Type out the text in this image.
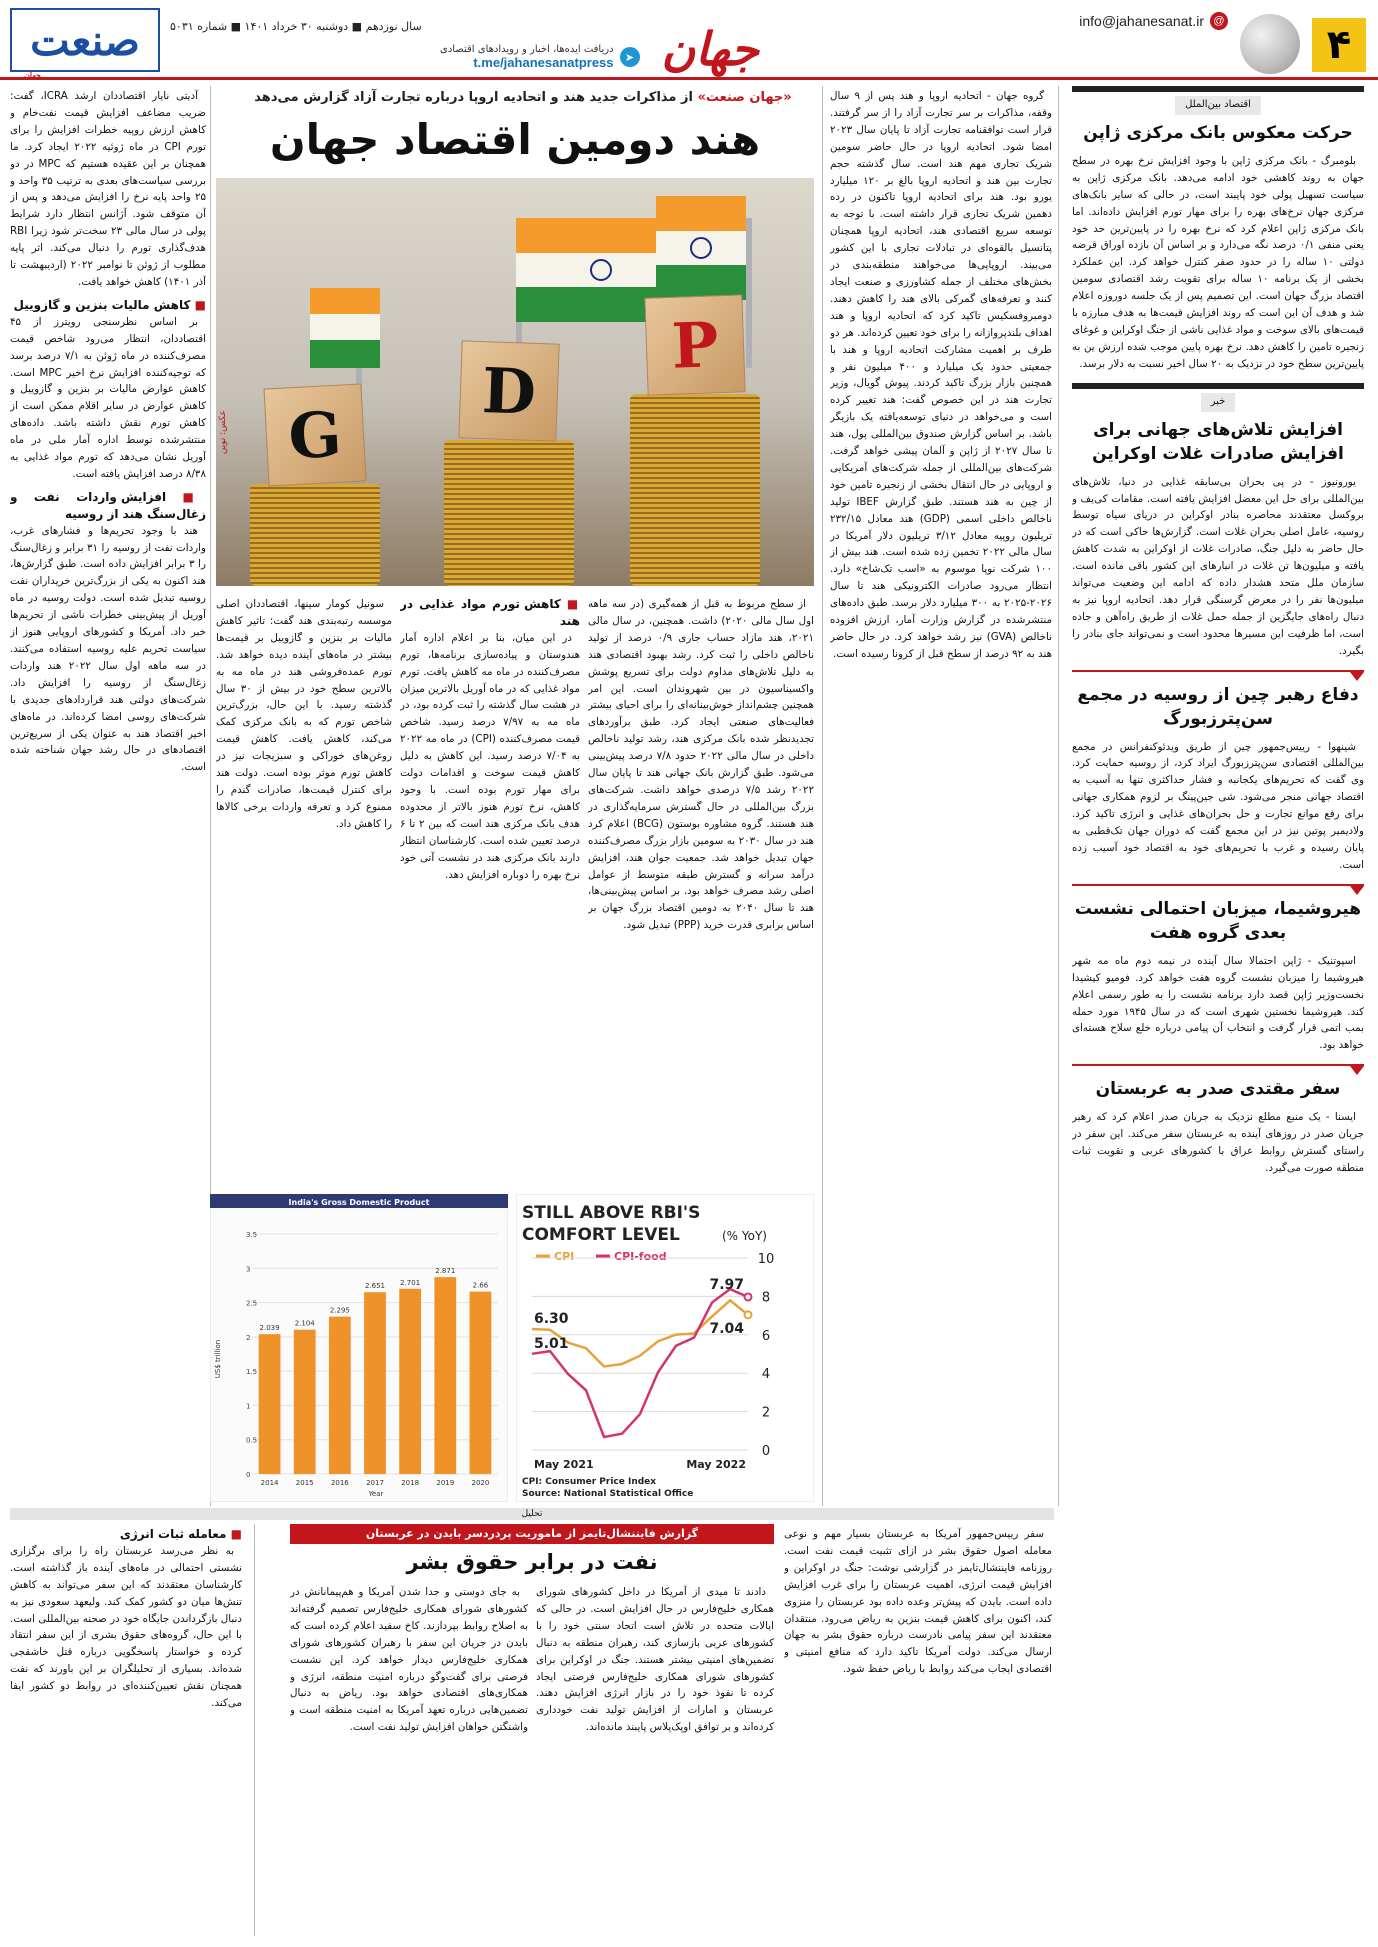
۴
info@jahanesanat.ir @
جهان
➤
دریافت ایده‌ها، اخبار و رویدادهای اقتصادی
t.me/jahanesanatpress
سال نوزدهم ■ دوشنبه ۳۰ خرداد ۱۴۰۱ ■ شماره ۵۰۳۱
صنعت
جهان
اقتصاد بین‌الملل
حرکت معکوس بانک مرکزی ژاپن

بلومبرگ - بانک مرکزی ژاپن با وجود افزایش نرخ بهره در سطح جهان به روند کاهشی خود ادامه می‌دهد. بانک مرکزی ژاپن به سیاست تسهیل پولی خود پایبند است، در حالی که سایر بانک‌های مرکزی جهان نرخ‌های بهره را برای مهار تورم افزایش داده‌اند. اما بانک مرکزی ژاپن اعلام کرد که نرخ بهره را در پایین‌ترین حد خود یعنی منفی ۰/۱ درصد نگه می‌دارد و بر اساس آن بازده اوراق قرضه دولتی ۱۰ ساله را در حدود صفر کنترل خواهد کرد. این عملکرد بخشی از یک برنامه ۱۰ ساله برای تقویت رشد اقتصادی سومین اقتصاد بزرگ جهان است. این تصمیم پس از یک جلسه دوروزه اعلام شد و هدف آن این است که روند افزایش قیمت‌ها به هدف مبارزه با قیمت‌های بالای سوخت و مواد غذایی ناشی از جنگ اوکراین و غوغای زنجیره تامین را کاهش دهد. نرخ بهره پایین موجب شده ارزش ین به پایین‌ترین سطح خود در نزدیک به ۲۰ سال اخیر نسبت به دلار برسد.

خبر
افزایش تلاش‌های جهانی برای افزایش صادرات غلات اوکراین

یورونیوز - در پی بحران بی‌سابقه غذایی در دنیا، تلاش‌های بین‌المللی برای حل این معضل افزایش یافته است. مقامات کی‌یف و بروکسل معتقدند محاصره بنادر اوکراین در دریای سیاه توسط روسیه، عامل اصلی بحران غلات است. گزارش‌ها حاکی است که در حال حاضر به دلیل جنگ، صادرات غلات از اوکراین به شدت کاهش یافته و میلیون‌ها تن غلات در انبارهای این کشور باقی مانده است. سازمان ملل متحد هشدار داده که ادامه این وضعیت می‌تواند میلیون‌ها نفر را در معرض گرسنگی قرار دهد. اتحادیه اروپا نیز به دنبال راه‌های جایگزین از جمله حمل غلات از طریق راه‌آهن و جاده است، اما ظرفیت این مسیرها محدود است و نمی‌تواند جای بنادر را بگیرد.

دفاع رهبر چین از روسیه در مجمع سن‌پترزبورگ

شینهوا - رییس‌جمهور چین از طریق ویدئوکنفرانس در مجمع بین‌المللی اقتصادی سن‌پترزبورگ ایراد کرد، از روسیه حمایت کرد. وی گفت که تحریم‌های یکجانبه و فشار حداکثری تنها به آسیب به اقتصاد جهانی منجر می‌شود. شی جین‌پینگ بر لزوم همکاری جهانی برای رفع موانع تجارت و حل بحران‌های غذایی و انرژی تاکید کرد. ولادیمیر پوتین نیز در این مجمع گفت که دوران جهان تک‌قطبی به پایان رسیده و غرب با تحریم‌های خود به اقتصاد خود آسیب زده است.

هیروشیما، میزبان احتمالی نشست بعدی گروه هفت

اسپوتنیک - ژاپن احتمالا سال آینده در نیمه دوم ماه مه شهر هیروشیما را میزبان نشست گروه هفت خواهد کرد. فومیو کیشیدا نخست‌وزیر ژاپن قصد دارد برنامه نشست را به طور رسمی اعلام کند. هیروشیما نخستین شهری است که در سال ۱۹۴۵ مورد حمله بمب اتمی قرار گرفت و انتخاب آن پیامی درباره خلع سلاح هسته‌ای خواهد بود.

سفر مقتدی صدر به عربستان

ایسنا - یک منبع مطلع نزدیک به جریان صدر اعلام کرد که رهبر جریان صدر در روزهای آینده به عربستان سفر می‌کند. این سفر در راستای گسترش روابط عراق با کشورهای عربی و تقویت ثبات منطقه صورت می‌گیرد.

«جهان صنعت» از مذاکرات جدید هند و اتحادیه اروپا درباره تجارت آزاد گزارش می‌دهد
هند دومین اقتصاد جهان

گروه جهان - اتحادیه اروپا و هند پس از ۹ سال وقفه، مذاکرات بر سر تجارت آزاد را از سر گرفتند. قرار است توافقنامه تجارت آزاد تا پایان سال ۲۰۲۳ امضا شود. اتحادیه اروپا در حال حاضر سومین شریک تجاری مهم هند است. سال گذشته حجم تجارت بین هند و اتحادیه اروپا بالغ بر ۱۲۰ میلیارد یورو بود. هند برای اتحادیه اروپا تاکنون در رده دهمین شریک تجاری قرار داشته است. با توجه به توسعه سریع اقتصادی هند، اتحادیه اروپا همچنان پتانسیل بالقوه‌ای در تبادلات تجاری با این کشور می‌بیند. اروپایی‌ها می‌خواهند منطقه‌بندی در بخش‌های مختلف از جمله کشاورزی و صنعت ایجاد کنند و تعرفه‌های گمرکی بالای هند را کاهش دهند. دومبروفسکیس تاکید کرد که اتحادیه اروپا و هند اهداف بلندپروازانه را برای خود تعیین کرده‌اند. هر دو طرف بر اهمیت مشارکت اتحادیه اروپا و هند با جمعیتی حدود یک میلیارد و ۴۰۰ میلیون نفر و همچنین بازار بزرگ تاکید کردند. پیوش گویال، وزیر تجارت هند در این خصوص گفت: هند تغییر کرده است و می‌خواهد در دنیای توسعه‌یافته یک بازیگر باشد. بر اساس گزارش صندوق بین‌المللی پول، هند تا سال ۲۰۲۷ از ژاپن و آلمان پیشی خواهد گرفت. شرکت‌های بین‌المللی از جمله شرکت‌های آمریکایی و اروپایی در حال انتقال بخشی از زنجیره تامین خود از چین به هند هستند. طبق گزارش IBEF تولید ناخالص داخلی اسمی (GDP) هند معادل ۲۳۲/۱۵ تریلیون روپیه معادل ۳/۱۲ تریلیون دلار آمریکا در سال مالی ۲۰۲۲ تخمین زده شده است. هند بیش از ۱۰۰ شرکت نوپا موسوم به «اسب تک‌شاخ» دارد. انتظار می‌رود صادرات الکترونیکی هند تا سال ۲۰۲۶-۲۰۲۵ به ۳۰۰ میلیارد دلار برسد. طبق داده‌های منتشرشده در گزارش وزارت آمار، ارزش افزوده ناخالص (GVA) نیز رشد خواهد کرد. در حال حاضر هند به ۹۲ درصد از سطح قبل از کرونا رسیده است.

آدیتی نایار اقتصاددان ارشد ICRA، گفت: ضریب مضاعف افزایش قیمت نفت‌خام و کاهش ارزش روپیه خطرات افزایش را برای تورم CPI در ماه ژوئیه ۲۰۲۲ ایجاد کرد. ما همچنان بر این عقیده هستیم که MPC در دو بررسی سیاست‌های بعدی به ترتیب ۳۵ واحد و ۲۵ واحد پایه نرخ را افزایش می‌دهد و پس از آن متوقف شود. آژانس انتظار دارد شرایط پولی در سال مالی ۲۳ سخت‌تر شود زیرا RBI هدف‌گذاری تورم را دنبال می‌کند. اثر پایه مطلوب از ژوئن تا نوامبر ۲۰۲۲ (اردیبهشت تا آذر ۱۴۰۱) کاهش خواهد یافت.

■ کاهش مالیات بنزین و گازوییل

بر اساس نظرسنجی رویترز از ۴۵ اقتصاددان، انتظار می‌رود شاخص قیمت مصرف‌کننده در ماه ژوئن به ۷/۱ درصد برسد که توجیه‌کننده افزایش نرخ اخیر MPC است. کاهش عوارض مالیات بر بنزین و گازوییل و کاهش عوارض در سایر اقلام ممکن است از کاهش تورم نقش داشته باشد. داده‌های منتشرشده توسط اداره آمار ملی در ماه آوریل نشان می‌دهد که تورم مواد غذایی به ۸/۳۸ درصد افزایش یافته است.

■ افزایش واردات نفت و زغال‌سنگ هند از روسیه

هند با وجود تحریم‌ها و فشارهای غرب، واردات نفت از روسیه را ۳۱ برابر و زغال‌سنگ را ۳ برابر افزایش داده است. طبق گزارش‌ها، هند اکنون به یکی از بزرگ‌ترین خریداران نفت روسیه تبدیل شده است. دولت روسیه در ماه آوریل از پیش‌بینی خطرات ناشی از تحریم‌ها خبر داد. آمریکا و کشورهای اروپایی هنوز از سیاست تحریم علیه روسیه استفاده می‌کنند. در سه ماهه اول سال ۲۰۲۲ هند واردات زغال‌سنگ از روسیه را افزایش داد. شرکت‌های دولتی هند قراردادهای جدیدی با شرکت‌های روسی امضا کرده‌اند. در ماه‌های اخیر اقتصاد هند به عنوان یکی از سریع‌ترین اقتصادهای در حال رشد جهان شناخته شده است.

G
D
P
عکس: نوین

از سطح مربوط به قبل از همه‌گیری (در سه ماهه اول سال مالی ۲۰۲۰) داشت. همچنین، در سال مالی ۲۰۲۱، هند مازاد حساب جاری ۰/۹ درصد از تولید ناخالص داخلی را ثبت کرد. رشد بهبود اقتصادی هند به دلیل تلاش‌های مداوم دولت برای تسریع پوشش واکسیناسیون در بین شهروندان است. این امر همچنین چشم‌انداز خوش‌بینانه‌ای را برای احیای بیشتر فعالیت‌های صنعتی ایجاد کرد. طبق برآوردهای تجدیدنظر شده بانک مرکزی هند، رشد تولید ناخالص داخلی در سال مالی ۲۰۲۲ حدود ۷/۸ درصد پیش‌بینی می‌شود. طبق گزارش بانک جهانی هند تا پایان سال ۲۰۲۲ رشد ۷/۵ درصدی خواهد داشت. شرکت‌های بزرگ بین‌المللی در حال گسترش سرمایه‌گذاری در هند هستند. گروه مشاوره بوستون (BCG) اعلام کرد هند در سال ۲۰۳۰ به سومین بازار بزرگ مصرف‌کننده جهان تبدیل خواهد شد. جمعیت جوان هند، افزایش درآمد سرانه و گسترش طبقه متوسط از عوامل اصلی رشد مصرف خواهد بود. بر اساس پیش‌بینی‌ها، هند تا سال ۲۰۴۰ به دومین اقتصاد بزرگ جهان بر اساس برابری قدرت خرید (PPP) تبدیل شود.

■ کاهش تورم مواد غذایی در هند

در این میان، بنا بر اعلام اداره آمار هندوستان و پیاده‌سازی برنامه‌ها، تورم مصرف‌کننده در ماه مه کاهش یافت. تورم مواد غذایی که در ماه آوریل بالاترین میزان در هشت سال گذشته را ثبت کرده بود، در ماه مه به ۷/۹۷ درصد رسید. شاخص قیمت مصرف‌کننده (CPI) در ماه مه ۲۰۲۲ به ۷/۰۴ درصد رسید. این کاهش به دلیل کاهش قیمت سوخت و اقدامات دولت برای مهار تورم بوده است. با وجود کاهش، نرخ تورم هنوز بالاتر از محدوده هدف بانک مرکزی هند است که بین ۲ تا ۶ درصد تعیین شده است. کارشناسان انتظار دارند بانک مرکزی هند در نشست آتی خود نرخ بهره را دوباره افزایش دهد.

سونیل کومار سینها، اقتصاددان اصلی موسسه رتبه‌بندی هند گفت: تاثیر کاهش مالیات بر بنزین و گازوییل بر قیمت‌ها بیشتر در ماه‌های آینده دیده خواهد شد. تورم عمده‌فروشی هند در ماه مه به بالاترین سطح خود در بیش از ۳۰ سال گذشته رسید. با این حال، بزرگ‌ترین شاخص تورم که به بانک مرکزی کمک می‌کند، کاهش یافت. کاهش قیمت روغن‌های خوراکی و سبزیجات نیز در کاهش تورم موثر بوده است. دولت هند برای کنترل قیمت‌ها، صادرات گندم را ممنوع کرد و تعرفه واردات برخی کالاها را کاهش داد.

India's Gross Domestic Product
US$ trillion
Year
0
0.5
1
1.5
2
2.5
3
3.5
2.039
2014
2.104
2015
2.295
2016
2.651
2017
2.701
2018
2.871
2019
2.66
2020
STILL ABOVE RBI'S COMFORT LEVEL	(% YoY)
CPI	CPI-food
0
2
4
6
8
10
6.30
5.01
7.97
7.04
May 2021	May 2022
CPI: Consumer Price Index
Source: National Statistical Office
تحلیل
گزارش فایننشال‌تایمز از ماموریت پردردسر بایدن در عربستان
نفت در برابر حقوق بشر

سفر رییس‌جمهور آمریکا به عربستان بسیار مهم و نوعی معامله اصول حقوق بشر در ازای تثبیت قیمت نفت است. روزنامه فایننشال‌تایمز در گزارشی نوشت: جنگ در اوکراین و افزایش قیمت انرژی، اهمیت عربستان را برای غرب افزایش داده است. بایدن که پیش‌تر وعده داده بود عربستان را منزوی کند، اکنون برای کاهش قیمت بنزین به ریاض می‌رود. منتقدان معتقدند این سفر پیامی نادرست درباره حقوق بشر به جهان ارسال می‌کند. دولت آمریکا تاکید دارد که منافع امنیتی و اقتصادی ایجاب می‌کند روابط با ریاض حفظ شود.

دادند تا میدی از آمریکا در داخل کشورهای شورای همکاری خلیج‌فارس در حال افزایش است. در حالی که ایالات متحده در تلاش است اتحاد سنتی خود را با کشورهای عربی بازسازی کند، رهبران منطقه به دنبال تضمین‌های امنیتی بیشتر هستند. جنگ در اوکراین برای کشورهای شورای همکاری خلیج‌فارس فرصتی ایجاد کرده تا نفوذ خود را در بازار انرژی افزایش دهند. عربستان و امارات از افزایش تولید نفت خودداری کرده‌اند و بر توافق اوپک‌پلاس پایبند مانده‌اند.

به جای دوستی و جدا شدن آمریکا و هم‌پیمانانش در کشورهای شورای همکاری خلیج‌فارس تصمیم گرفته‌اند به اصلاح روابط بپردازند. کاخ سفید اعلام کرده است که بایدن در جریان این سفر با رهبران کشورهای شورای همکاری خلیج‌فارس دیدار خواهد کرد. این نشست فرصتی برای گفت‌وگو درباره امنیت منطقه، انرژی و همکاری‌های اقتصادی خواهد بود. ریاض به دنبال تضمین‌هایی درباره تعهد آمریکا به امنیت منطقه است و واشنگتن خواهان افزایش تولید نفت است.

■ معامله ثبات انرژی

به نظر می‌رسد عربستان راه را برای برگزاری نشستی احتمالی در ماه‌های آینده باز گذاشته است. کارشناسان معتقدند که این سفر می‌تواند به کاهش تنش‌ها میان دو کشور کمک کند. ولیعهد سعودی نیز به دنبال بازگرداندن جایگاه خود در صحنه بین‌المللی است. با این حال، گروه‌های حقوق بشری از این سفر انتقاد کرده و خواستار پاسخگویی درباره قتل خاشقجی شده‌اند. بسیاری از تحلیلگران بر این باورند که نفت همچنان نقش تعیین‌کننده‌ای در روابط دو کشور ایفا می‌کند.
